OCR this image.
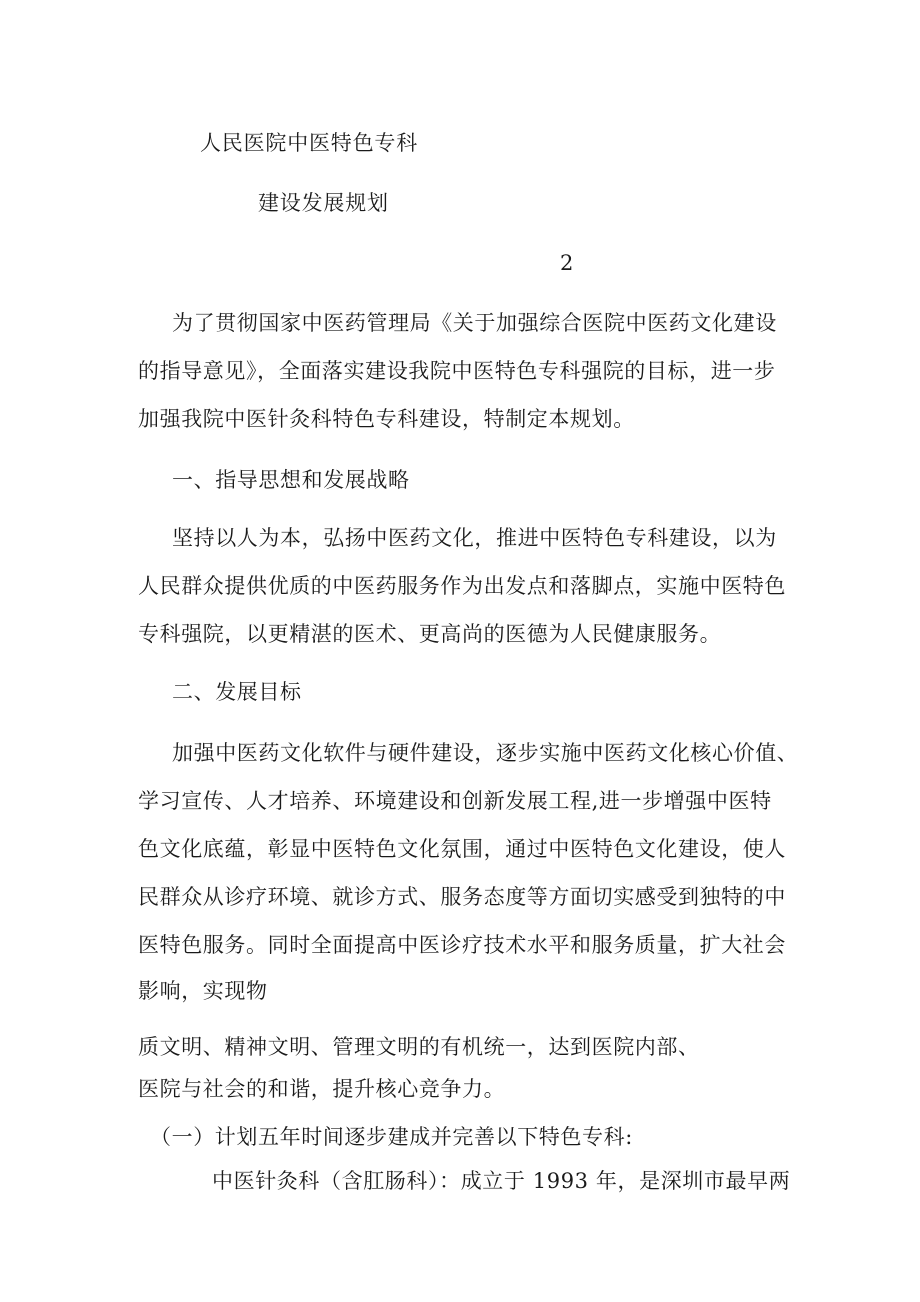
人民医院中医特色专科
建设发展规划
2
为了贯彻国家中医药管理局《关于加强综合医院中医药文化建设
的指导意见》，全面落实建设我院中医特色专科强院的目标，进一步
加强我院中医针灸科特色专科建设，特制定本规划。
一、指导思想和发展战略
坚持以人为本，弘扬中医药文化，推进中医特色专科建设，以为
人民群众提供优质的中医药服务作为出发点和落脚点，实施中医特色
专科强院，以更精湛的医术、更高尚的医德为人民健康服务。
二、发展目标
加强中医药文化软件与硬件建设，逐步实施中医药文化核心价值、
学习宣传、人才培养、环境建设和创新发展工程,进一步增强中医特
色文化底蕴，彰显中医特色文化氛围，通过中医特色文化建设，使人
民群众从诊疗环境、就诊方式、服务态度等方面切实感受到独特的中
医特色服务。同时全面提高中医诊疗技术水平和服务质量，扩大社会
影响，实现物
质文明、精神文明、管理文明的有机统一，达到医院内部、
医院与社会的和谐，提升核心竞争力。
（一）计划五年时间逐步建成并完善以下特色专科:
中医针灸科（含肛肠科）：成立于 1993 年，是深圳市最早两
